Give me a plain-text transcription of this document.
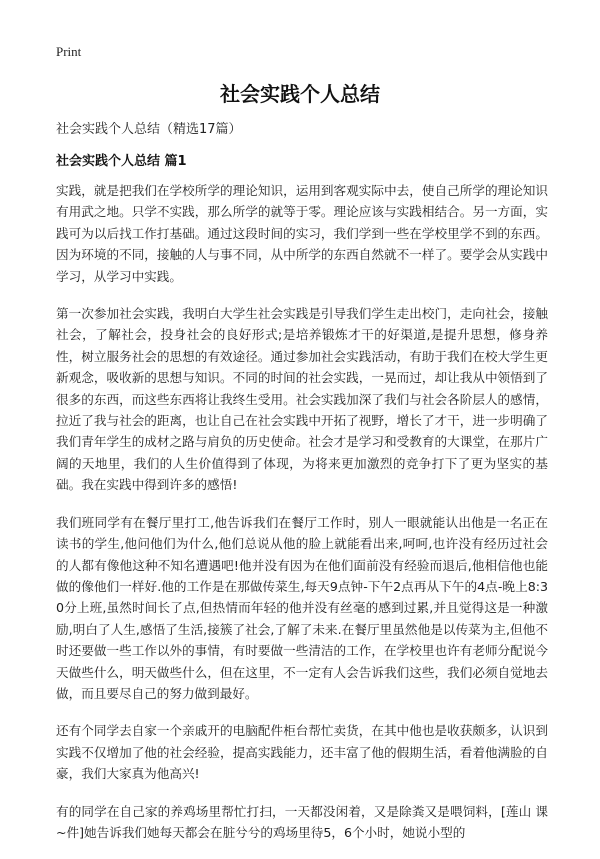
Print
社会实践个人总结

社会实践个人总结（精选17篇）

社会实践个人总结 篇1

实践，就是把我们在学校所学的理论知识，运用到客观实际中去，使自己所学的理论知识有用武之地。只学不实践，那么所学的就等于零。理论应该与实践相结合。另一方面，实践可为以后找工作打基础。通过这段时间的实习，我们学到一些在学校里学不到的东西。因为环境的不同，接触的人与事不同，从中所学的东西自然就不一样了。要学会从实践中学习，从学习中实践。

第一次参加社会实践，我明白大学生社会实践是引导我们学生走出校门，走向社会，接触社会，了解社会，投身社会的良好形式;是培养锻炼才干的好渠道,是提升思想，修身养性，树立服务社会的思想的有效途径。通过参加社会实践活动，有助于我们在校大学生更新观念，吸收新的思想与知识。不同的时间的社会实践，一晃而过，却让我从中领悟到了很多的东西，而这些东西将让我终生受用。社会实践加深了我们与社会各阶层人的感情，拉近了我与社会的距离，也让自己在社会实践中开拓了视野，增长了才干，进一步明确了我们青年学生的成材之路与肩负的历史使命。社会才是学习和受教育的大课堂，在那片广阔的天地里，我们的人生价值得到了体现，为将来更加激烈的竞争打下了更为坚实的基础。我在实践中得到许多的感悟!

我们班同学有在餐厅里打工,他告诉我们在餐厅工作时，别人一眼就能认出他是一名正在读书的学生,他问他们为什么,他们总说从他的脸上就能看出来,呵呵,也许没有经历过社会的人都有像他这种不知名遭遇吧!他并没有因为在他们面前没有经验而退后,他相信他也能做的像他们一样好.他的工作是在那做传菜生,每天9点钟-下午2点再从下午的4点-晚上8:30分上班,虽然时间长了点,但热情而年轻的他并没有丝毫的感到过累,并且觉得这是一种激励,明白了人生,感悟了生活,接簇了社会,了解了未来.在餐厅里虽然他是以传菜为主,但他不时还要做一些工作以外的事情，有时要做一些清洁的工作，在学校里也许有老师分配说今天做些什么，明天做些什么，但在这里，不一定有人会告诉我们这些，我们必须自觉地去做，而且要尽自己的努力做到最好。

还有个同学去自家一个亲戚开的电脑配件柜台帮忙卖货，在其中他也是收获颇多，认识到实践不仅增加了他的社会经验，提高实践能力，还丰富了他的假期生活，看着他满脸的自豪，我们大家真为他高兴!

有的同学在自己家的养鸡场里帮忙打扫，一天都没闲着，又是除粪又是喂饲料，[莲山 课~件]她告诉我们她每天都会在脏兮兮的鸡场里待5，6个小时，她说小型的
